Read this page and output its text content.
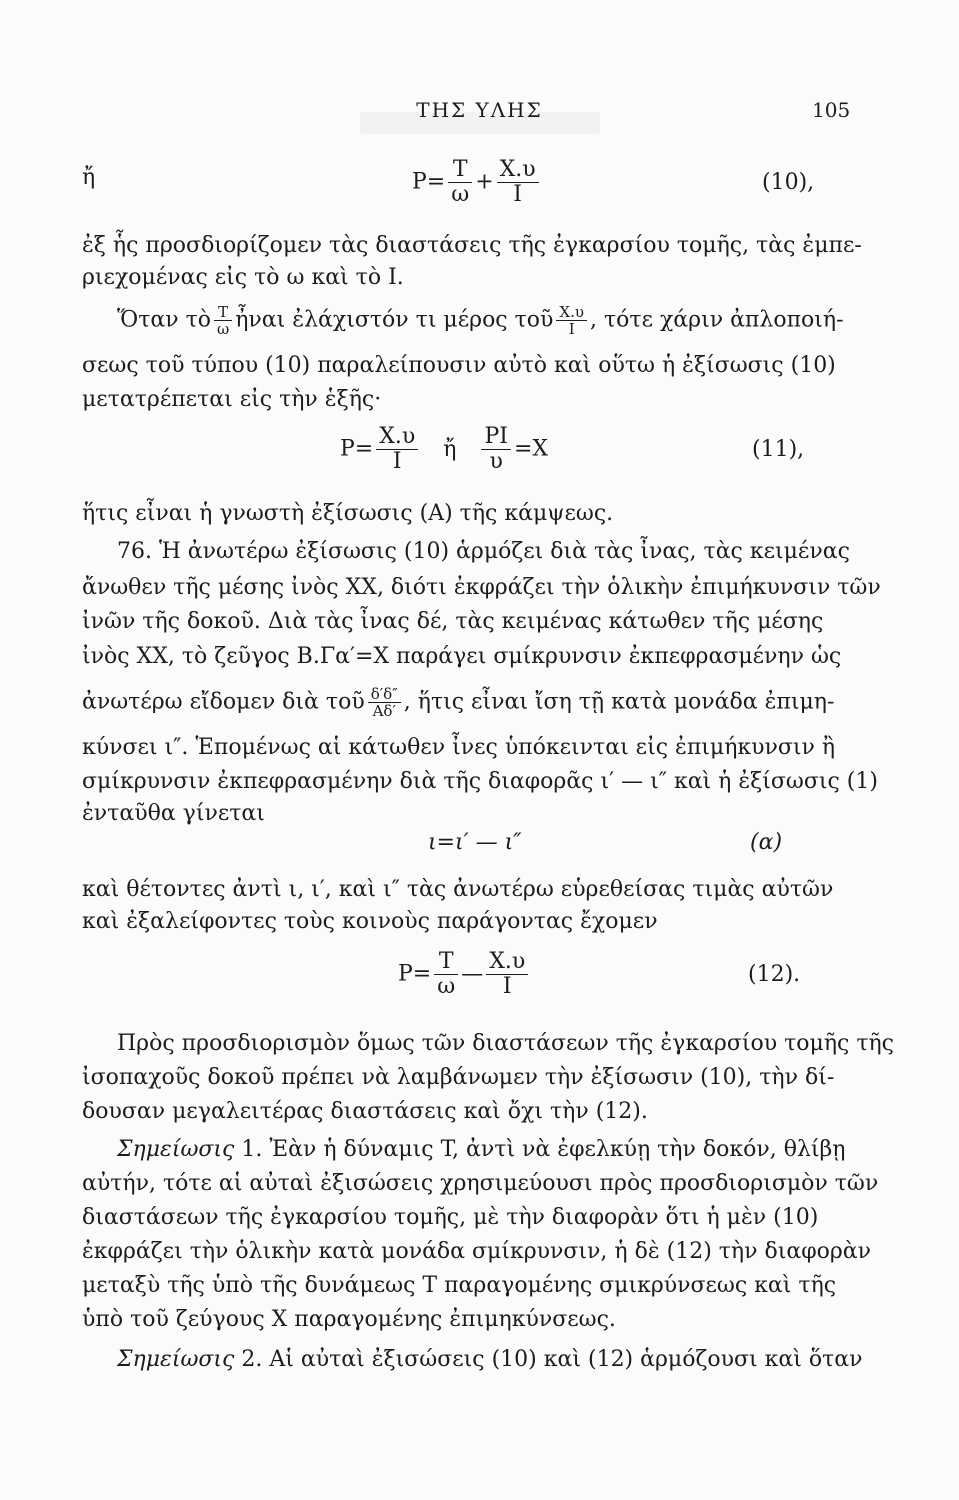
ΤΗΣ ΥΛΗΣ	105
ἤ	$P= \frac{T}{\omega} + \frac{X.\upsilon}{I}$	(10),
ἐξ ἧς προσδιορίζομεν τὰς διαστάσεις τῆς ἐγκαρσίου τομῆς, τὰς ἐμπε-
ριεχομένας εἰς τὸ ω καὶ τὸ I.
Ὅταν τὸ $\frac{T}{\omega}$ ἦναι ἐλάχιστόν τι μέρος τοῦ $\frac{X.\upsilon}{I}$ , τότε χάριν ἀπλοποιή-
σεως τοῦ τύπου (10) παραλείπουσιν αὐτὸ καὶ οὕτω ἡ ἐξίσωσις (10)
μετατρέπεται εἰς τὴν ἑξῆς·
$P= \frac{X.\upsilon}{I}$ ἤ $\frac{PI}{\upsilon} =X$	(11),
ἥτις εἶναι ἡ γνωστὴ ἐξίσωσις (Α) τῆς κάμψεως.
76. Ἡ ἀνωτέρω ἐξίσωσις (10) ἁρμόζει διὰ τὰς ἶνας, τὰς κειμένας
ἄνωθεν τῆς μέσης ἰνὸς XX, διότι ἐκφράζει τὴν ὁλικὴν ἐπιμήκυνσιν τῶν
ἰνῶν τῆς δοκοῦ. Διὰ τὰς ἶνας δέ, τὰς κειμένας κάτωθεν τῆς μέσης
ἰνὸς XX, τὸ ζεῦγος B.Γα′=X παράγει σμίκρυνσιν ἐκπεφρασμένην ὡς
ἀνωτέρω εἴδομεν διὰ τοῦ $\frac{\delta'\delta''}{A\delta'}$ , ἥτις εἶναι ἴση τῇ κατὰ μονάδα ἐπιμη-
κύνσει ι″. Ἑπομένως αἱ κάτωθεν ἶνες ὑπόκεινται εἰς ἐπιμήκυνσιν ἢ
σμίκρυνσιν ἐκπεφρασμένην διὰ τῆς διαφορᾶς ι′ — ι″ καὶ ἡ ἐξίσωσις (1)
ἐνταῦθα γίνεται
ι=ι′ — ι″	(α)
καὶ θέτοντες ἀντὶ ι, ι′, καὶ ι″ τὰς ἀνωτέρω εὑρεθείσας τιμὰς αὐτῶν
καὶ ἐξαλείφοντες τοὺς κοινοὺς παράγοντας ἔχομεν
$P= \frac{T}{\omega}$ — $\frac{X.\upsilon}{I}$	(12).
Πρὸς προσδιορισμὸν ὅμως τῶν διαστάσεων τῆς ἐγκαρσίου τομῆς τῆς
ἰσοπαχοῦς δοκοῦ πρέπει νὰ λαμβάνωμεν τὴν ἐξίσωσιν (10), τὴν δί-
δουσαν μεγαλειτέρας διαστάσεις καὶ ὄχι τὴν (12).
Σημείωσις 1. Ἐὰν ἡ δύναμις T, ἀντὶ νὰ ἐφελκύῃ τὴν δοκόν, θλίβῃ
αὐτήν, τότε αἱ αὐταὶ ἐξισώσεις χρησιμεύουσι πρὸς προσδιορισμὸν τῶν
διαστάσεων τῆς ἐγκαρσίου τομῆς, μὲ τὴν διαφορὰν ὅτι ἡ μὲν (10)
ἐκφράζει τὴν ὁλικὴν κατὰ μονάδα σμίκρυνσιν, ἡ δὲ (12) τὴν διαφορὰν
μεταξὺ τῆς ὑπὸ τῆς δυνάμεως T παραγομένης σμικρύνσεως καὶ τῆς
ὑπὸ τοῦ ζεύγους X παραγομένης ἐπιμηκύνσεως.
Σημείωσις 2. Αἱ αὐταὶ ἐξισώσεις (10) καὶ (12) ἁρμόζουσι καὶ ὅταν
